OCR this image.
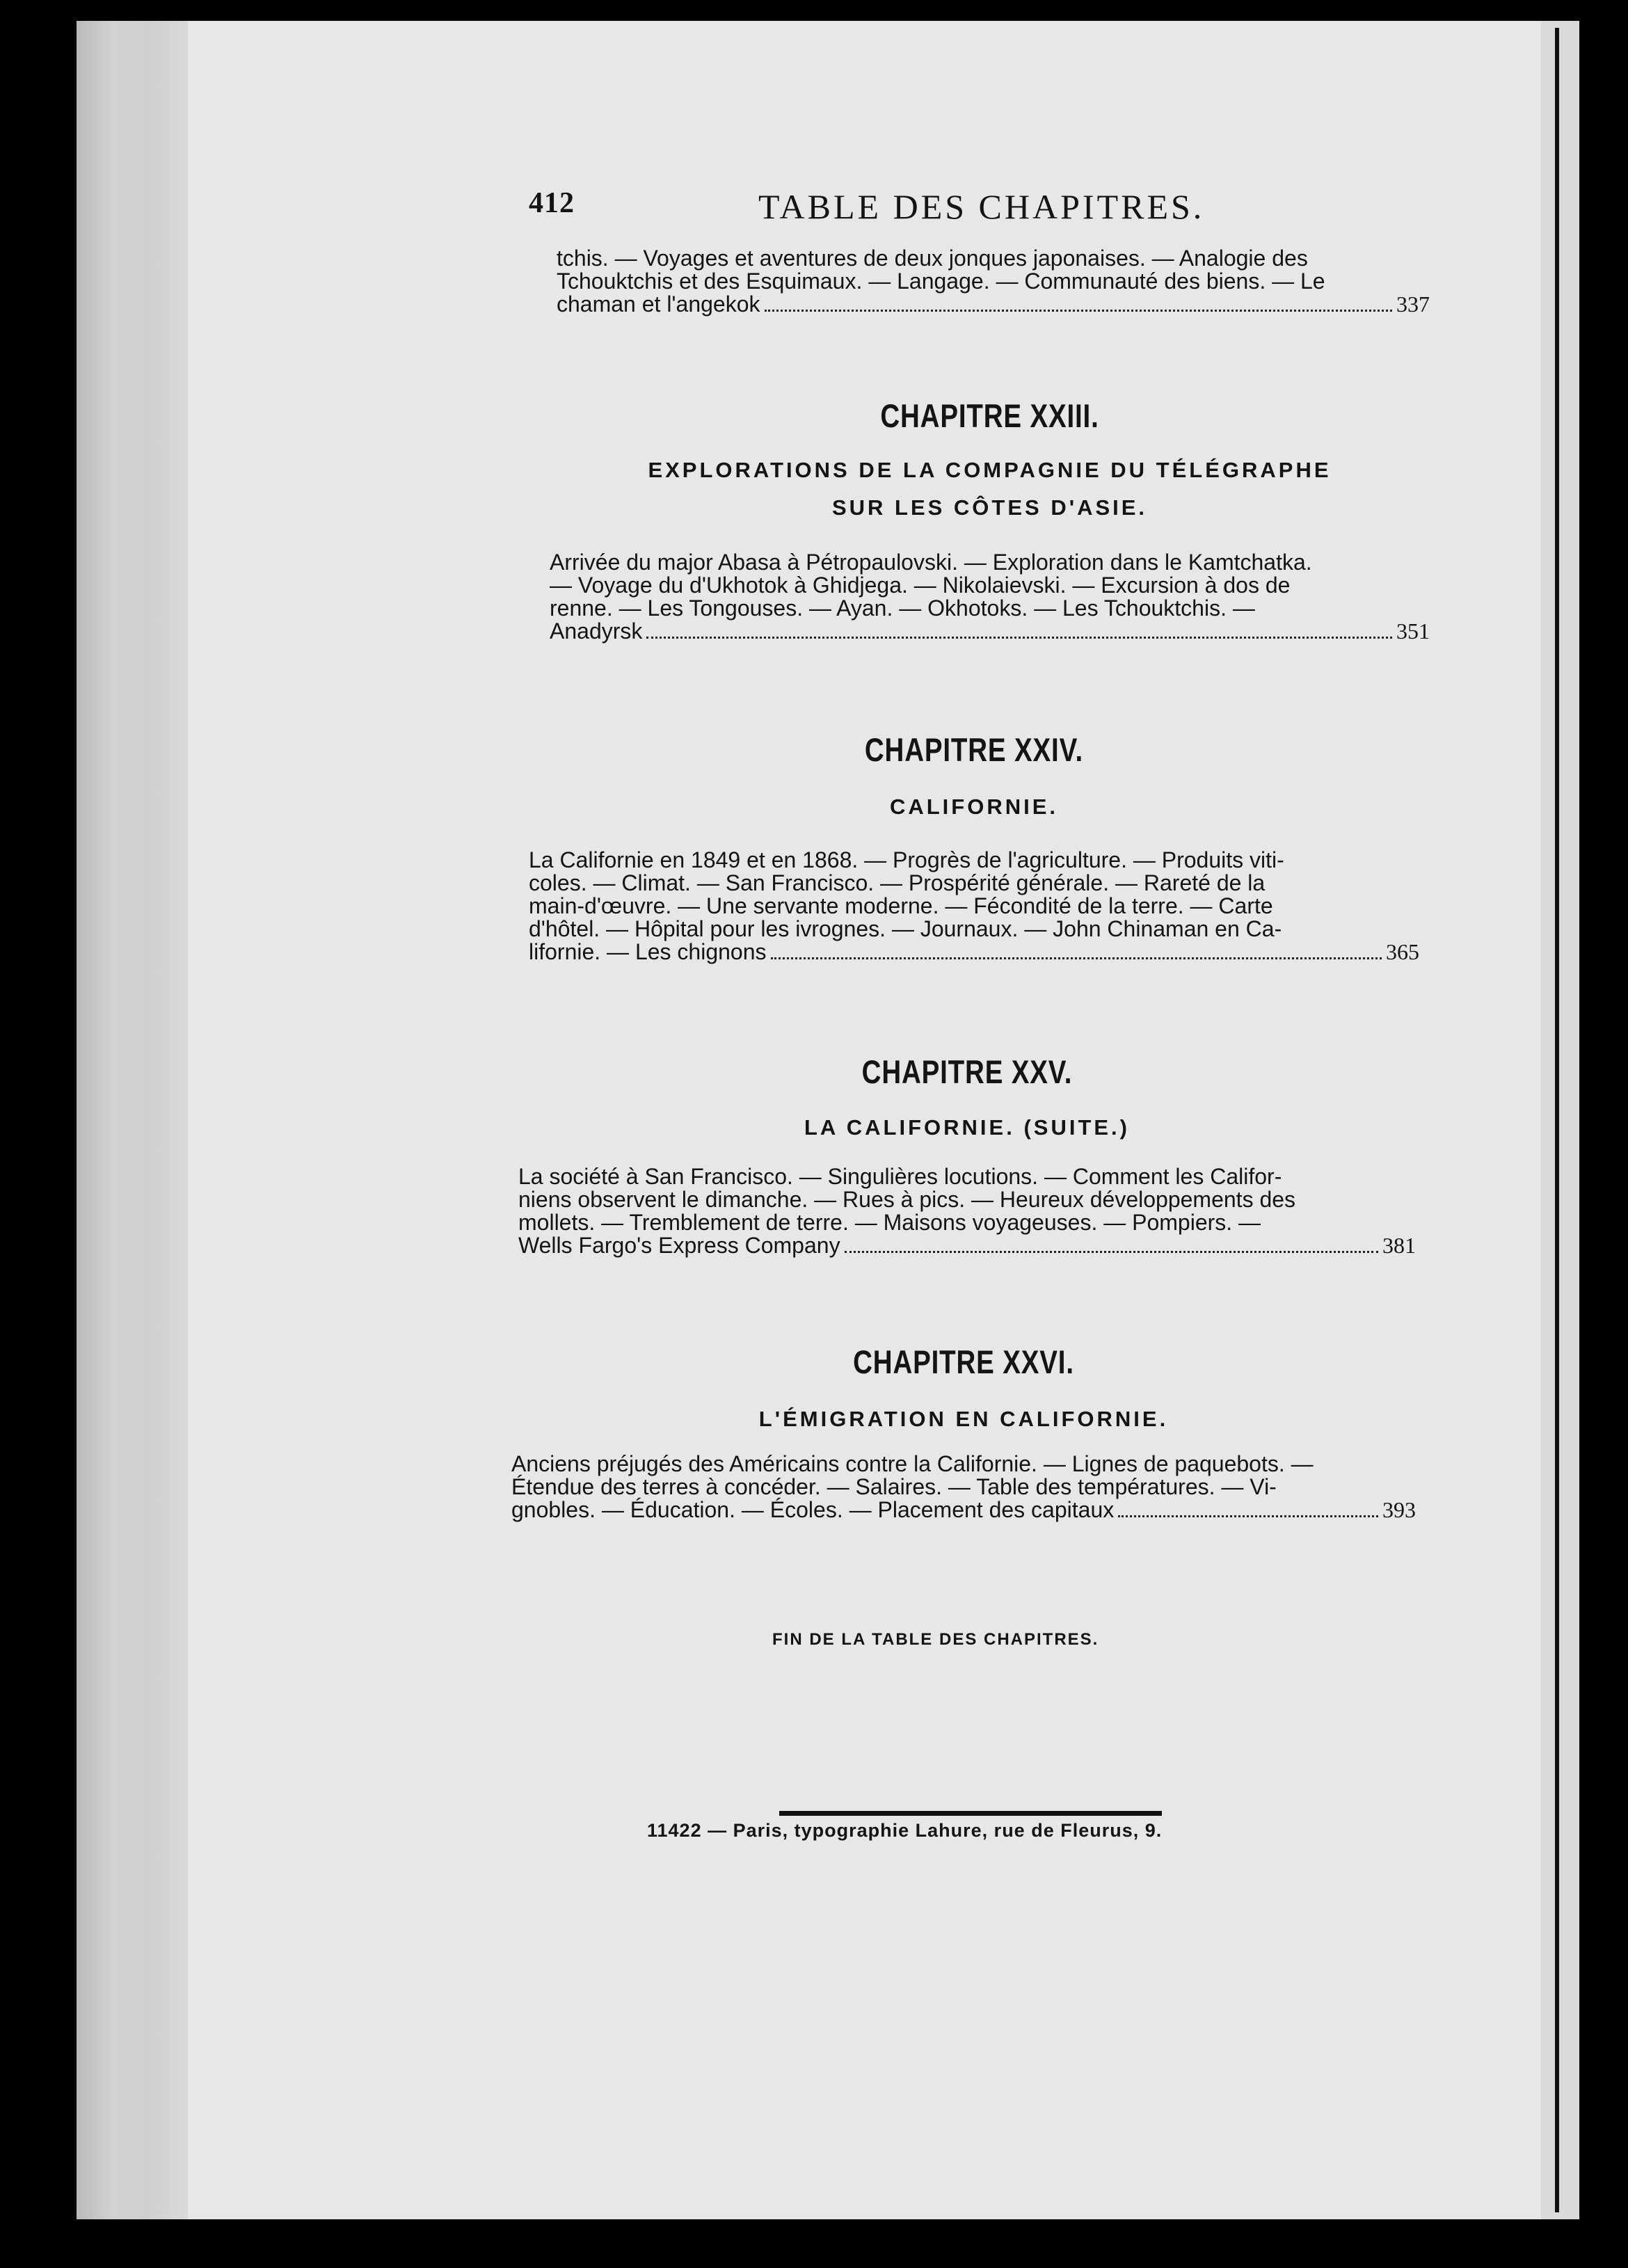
412	TABLE DES CHAPITRES.
tchis. — Voyages et aventures de deux jonques japonaises. — Analogie des
Tchouktchis et des Esquimaux. — Langage. — Communauté des biens. — Le
chaman et l'angekok	337
CHAPITRE XXIII.
EXPLORATIONS DE LA COMPAGNIE DU TÉLÉGRAPHE
SUR LES CÔTES D'ASIE.
Arrivée du major Abasa à Pétropaulovski. — Exploration dans le Kamtchatka.
— Voyage du d'Ukhotok à Ghidjega. — Nikolaievski. — Excursion à dos de
renne. — Les Tongouses. — Ayan. — Okhotoks. — Les Tchouktchis. —
Anadyrsk	351
CHAPITRE XXIV.
CALIFORNIE.
La Californie en 1849 et en 1868. — Progrès de l'agriculture. — Produits viti-
coles. — Climat. — San Francisco. — Prospérité générale. — Rareté de la
main-d'œuvre. — Une servante moderne. — Fécondité de la terre. — Carte
d'hôtel. — Hôpital pour les ivrognes. — Journaux. — John Chinaman en Ca-
lifornie. — Les chignons	365
CHAPITRE XXV.
LA CALIFORNIE. (SUITE.)
La société à San Francisco. — Singulières locutions. — Comment les Califor-
niens observent le dimanche. — Rues à pics. — Heureux développements des
mollets. — Tremblement de terre. — Maisons voyageuses. — Pompiers. —
Wells Fargo's Express Company	381
CHAPITRE XXVI.
L'ÉMIGRATION EN CALIFORNIE.
Anciens préjugés des Américains contre la Californie. — Lignes de paquebots. —
Étendue des terres à concéder. — Salaires. — Table des températures. — Vi-
gnobles. — Éducation. — Écoles. — Placement des capitaux	393
FIN DE LA TABLE DES CHAPITRES.
11422 — Paris, typographie Lahure, rue de Fleurus, 9.
